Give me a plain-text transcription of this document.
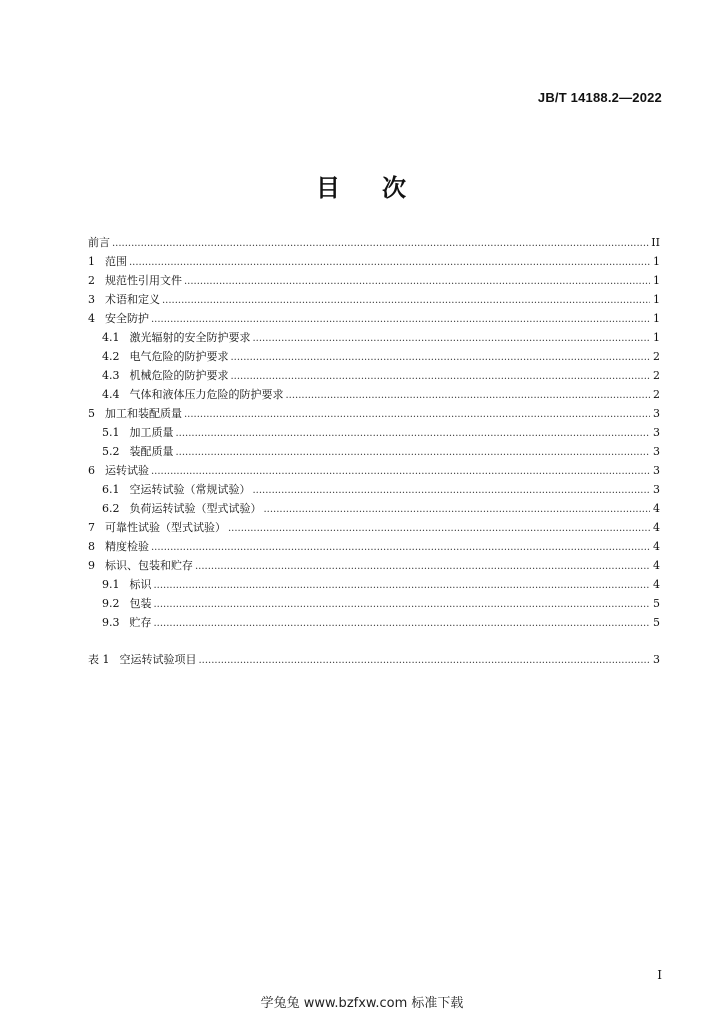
JB/T 14188.2—2022
目 次
前言 .....	II
1 范围 .....	1
2 规范性引用文件 .....	1
3 术语和定义 .....	1
4 安全防护 .....	1
4.1 激光辐射的安全防护要求 .....	1
4.2 电气危险的防护要求 .....	2
4.3 机械危险的防护要求 .....	2
4.4 气体和液体压力危险的防护要求 .....	2
5 加工和装配质量 .....	3
5.1 加工质量 .....	3
5.2 装配质量 .....	3
6 运转试验 .....	3
6.1 空运转试验（常规试验） .....	3
6.2 负荷运转试验（型式试验） .....	4
7 可靠性试验（型式试验） .....	4
8 精度检验 .....	4
9 标识、包装和贮存 .....	4
9.1 标识 .....	4
9.2 包装 .....	5
9.3 贮存 .....	5
表 1 空运转试验项目 .....	3
I
学兔兔 www.bzfxw.com 标准下载
